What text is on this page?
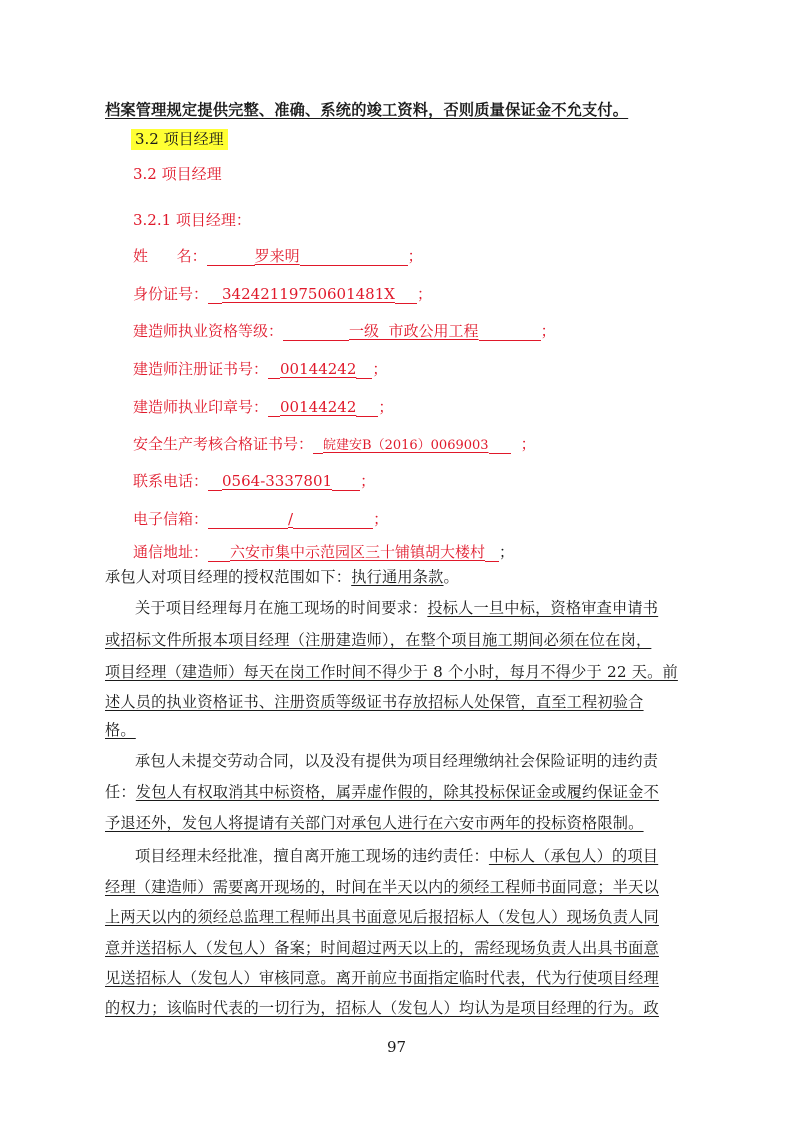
档案管理规定提供完整、准确、系统的竣工资料，否则质量保证金不允支付。
3.2 项目经理
3.2 项目经理
3.2.1 项目经理：
姓      名：	罗来明	；
身份证号： 342421197506014​81X ；
建造师执业资格等级：	一级  市政公用工程	；
建造师注册证书号： 00144242 ；
建造师执业印章号： 00144242 ；
安全生产考核合格证书号： 皖建安B（2016）0069003 ；
联系电话： 0564-3337801 ；
电子信箱：	/	；
通信地址： 六安市集中示范园区三十铺镇胡大楼村 ；
承包人对项目经理的授权范围如下：执行通用条款。
关于项目经理每月在施工现场的时间要求：投标人一旦中标，资格审查申请书
或招标文件所报本项目经理（注册建造师），在整个项目施工期间必须在位在岗，
项目经理（建造师）每天在岗工作时间不得少于 8 个小时，每月不得少于 22 天。前
述人员的执业资格证书、注册资质等级证书存放招标人处保管，直至工程初验合
格。
承包人未提交劳动合同，以及没有提供为项目经理缴纳社会保险证明的违约责
任：发包人有权取消其中标资格，属弄虚作假的，除其投标保证金或履约保证金不
予退还外，发包人将提请有关部门对承包人进行在六安市两年的投标资格限制。
项目经理未经批准，擅自离开施工现场的违约责任：中标人（承包人）的项目
经理（建造师）需要离开现场的，时间在半天以内的须经工程师书面同意；半天以
上两天以内的须经总监理工程师出具书面意见后报招标人（发包人）现场负责人同
意并送招标人（发包人）备案；时间超过两天以上的，需经现场负责人出具书面意
见送招标人（发包人）审核同意。离开前应书面指定临时代表，代为行使项目经理
的权力；该临时代表的一切行为，招标人（发包人）均认为是项目经理的行为。政
97
